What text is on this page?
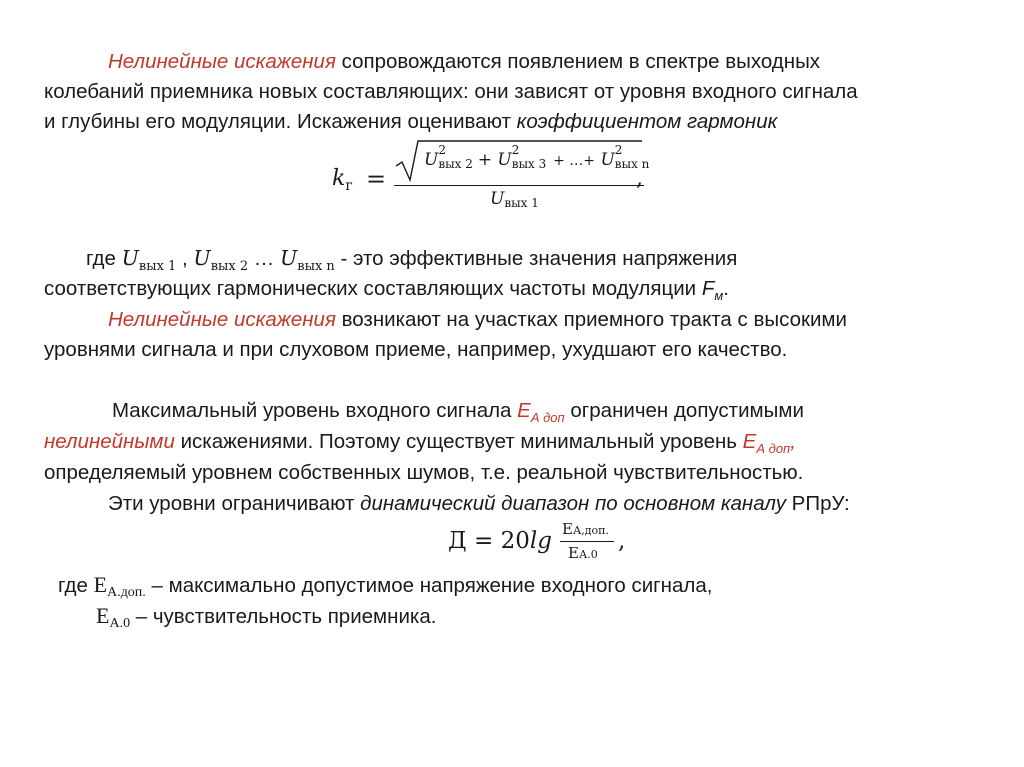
Нелинейные искажения сопровождаются появлением в спектре выходных
колебаний приемника новых составляющих: они зависят от уровня входного сигнала
и глубины его модуляции. Искажения оценивают коэффициентом гармоник
$k_г$ =
U 2
вых 2 + U 2
вых 3 + …+ U 2
вых n
Uвых 1
,
где $U_{вых 1}$ , $U_{вых 2}$ … $U_{вых n}$ - это эффективные значения напряжения
соответствующих гармонических составляющих частоты модуляции $F_м$.
Нелинейные искажения возникают на участках приемного тракта с высокими
уровнями сигнала и при слуховом приеме, например, ухудшают его качество.
Максимальный уровень входного сигнала $E_{А доп}$ ограничен допустимыми
нелинейными искажениями. Поэтому существует минимальный уровень $E_{А доп}$,
определяемый уровнем собственных шумов, т.е. реальной чувствительностью.
Эти уровни ограничивают динамический диапазон по основном каналу РПрУ:
Д = 20lg EА,доп.
EА.0
,
где EА.доп. – максимально допустимое напряжение входного сигнала,
EА.0 – чувствительность приемника.
